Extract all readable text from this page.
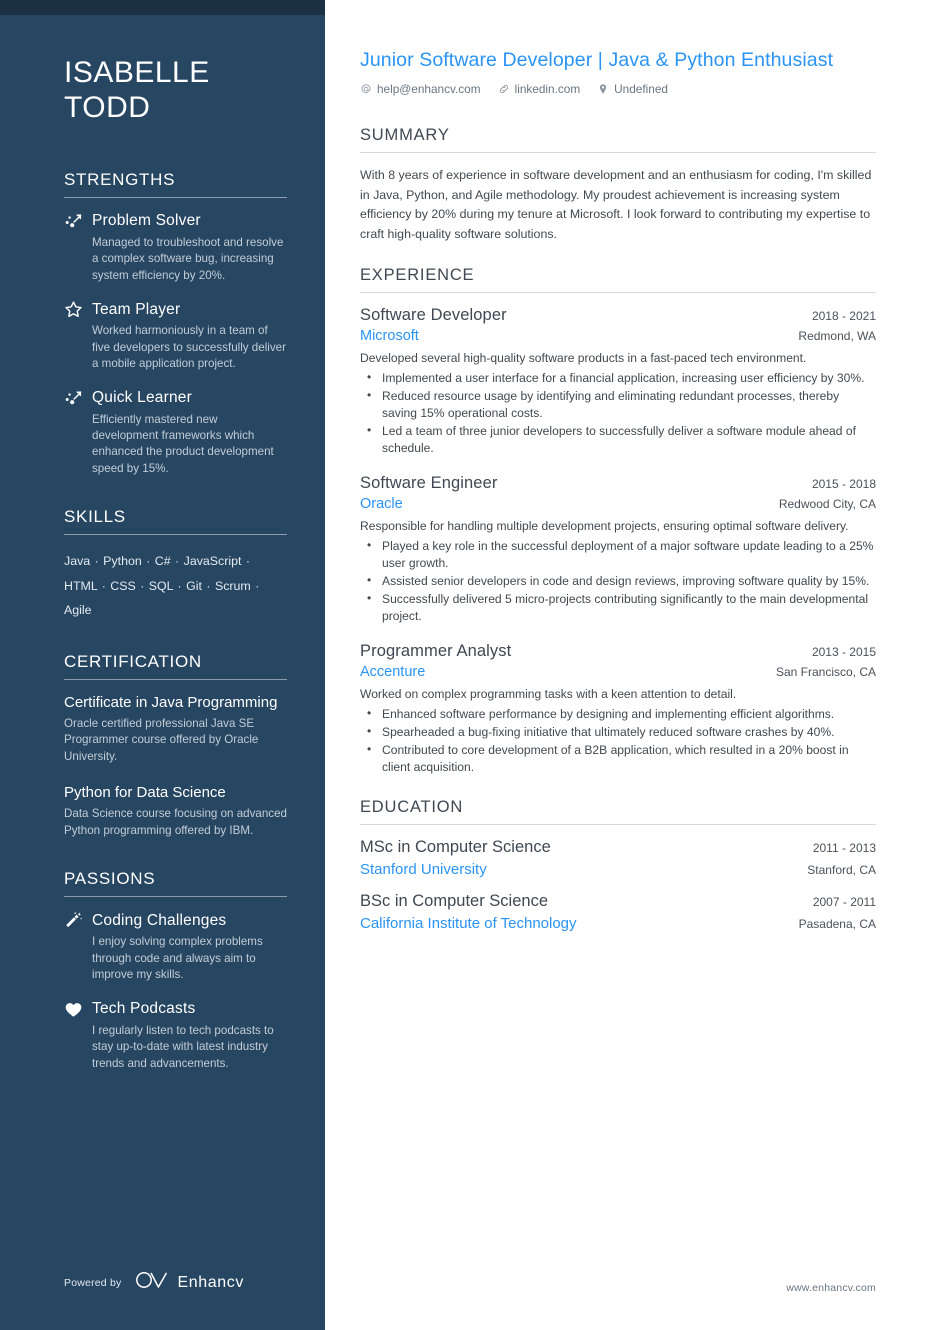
ISABELLE
TODD
STRENGTHS
Problem Solver
Managed to troubleshoot and resolve a complex software bug, increasing system efficiency by 20%.
Team Player
Worked harmoniously in a team of five developers to successfully deliver a mobile application project.
Quick Learner
Efficiently mastered new development frameworks which enhanced the product development speed by 15%.
SKILLS
Java · Python · C# · JavaScript · HTML · CSS · SQL · Git · Scrum · Agile
CERTIFICATION
Certificate in Java Programming
Oracle certified professional Java SE Programmer course offered by Oracle University.
Python for Data Science
Data Science course focusing on advanced Python programming offered by IBM.
PASSIONS
Coding Challenges
I enjoy solving complex problems through code and always aim to improve my skills.
Tech Podcasts
I regularly listen to tech podcasts to stay up-to-date with latest industry trends and advancements.
Powered by	Enhancv
Junior Software Developer | Java & Python Enthusiast
help@enhancv.com	linkedin.com	Undefined
SUMMARY
With 8 years of experience in software development and an enthusiasm for coding, I'm skilled in Java, Python, and Agile methodology. My proudest achievement is increasing system efficiency by 20% during my tenure at Microsoft. I look forward to contributing my expertise to craft high-quality software solutions.
EXPERIENCE
Software Developer	2018 - 2021
Microsoft	Redmond, WA
Developed several high-quality software products in a fast-paced tech environment.
• Implemented a user interface for a financial application, increasing user efficiency by 30%.
• Reduced resource usage by identifying and eliminating redundant processes, thereby saving 15% operational costs.
• Led a team of three junior developers to successfully deliver a software module ahead of schedule.
Software Engineer	2015 - 2018
Oracle	Redwood City, CA
Responsible for handling multiple development projects, ensuring optimal software delivery.
• Played a key role in the successful deployment of a major software update leading to a 25% user growth.
• Assisted senior developers in code and design reviews, improving software quality by 15%.
• Successfully delivered 5 micro-projects contributing significantly to the main developmental project.
Programmer Analyst	2013 - 2015
Accenture	San Francisco, CA
Worked on complex programming tasks with a keen attention to detail.
• Enhanced software performance by designing and implementing efficient algorithms.
• Spearheaded a bug-fixing initiative that ultimately reduced software crashes by 40%.
• Contributed to core development of a B2B application, which resulted in a 20% boost in client acquisition.
EDUCATION
MSc in Computer Science	2011 - 2013
Stanford University	Stanford, CA
BSc in Computer Science	2007 - 2011
California Institute of Technology	Pasadena, CA
www.enhancv.com
